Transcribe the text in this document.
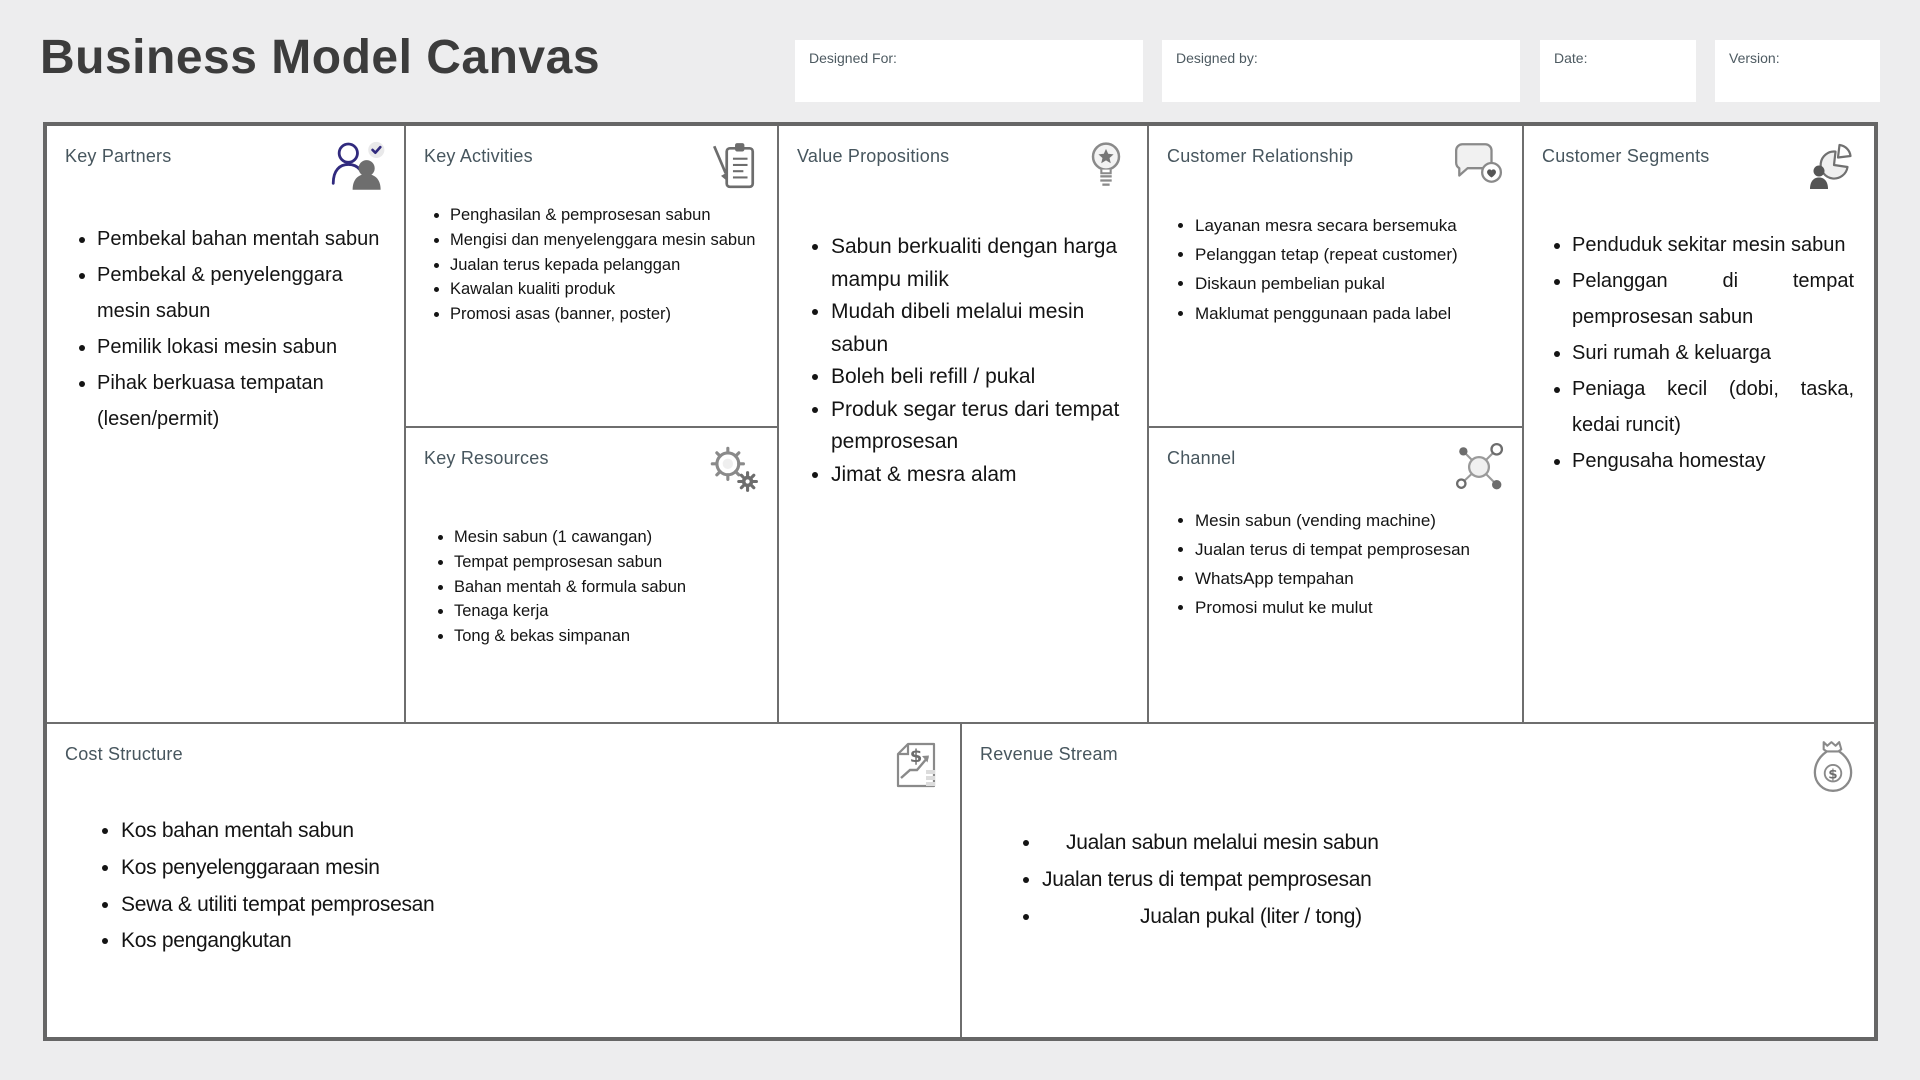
Business Model Canvas	Designed For:	Designed by:	Date:	Version:
Key Partners
• Pembekal bahan mentah sabun
• Pembekal & penyelenggara mesin sabun
• Pemilik lokasi mesin sabun
• Pihak berkuasa tempatan (lesen/permit)
Key Activities
• Penghasilan & pemprosesan sabun
• Mengisi dan menyelenggara mesin sabun
• Jualan terus kepada pelanggan
• Kawalan kualiti produk
• Promosi asas (banner, poster)
Key Resources
• Mesin sabun (1 cawangan)
• Tempat pemprosesan sabun
• Bahan mentah & formula sabun
• Tenaga kerja
• Tong & bekas simpanan
Value Propositions
• Sabun berkualiti dengan harga mampu milik
• Mudah dibeli melalui mesin sabun
• Boleh beli refill / pukal
• Produk segar terus dari tempat pemprosesan
• Jimat & mesra alam
Customer Relationship
• Layanan mesra secara bersemuka
• Pelanggan tetap (repeat customer)
• Diskaun pembelian pukal
• Maklumat penggunaan pada label
Channel
• Mesin sabun (vending machine)
• Jualan terus di tempat pemprosesan
• WhatsApp tempahan
• Promosi mulut ke mulut
Customer Segments
• Penduduk sekitar mesin sabun
• Pelanggan di tempat pemprosesan sabun
• Suri rumah & keluarga
• Peniaga kecil (dobi, taska, kedai runcit)
• Pengusaha homestay
Cost Structure	$
• Kos bahan mentah sabun
• Kos penyelenggaraan mesin
• Sewa & utiliti tempat pemprosesan
• Kos pengangkutan
Revenue Stream
$
• Jualan sabun melalui mesin sabun
• Jualan terus di tempat pemprosesan
• Jualan pukal (liter / tong)
